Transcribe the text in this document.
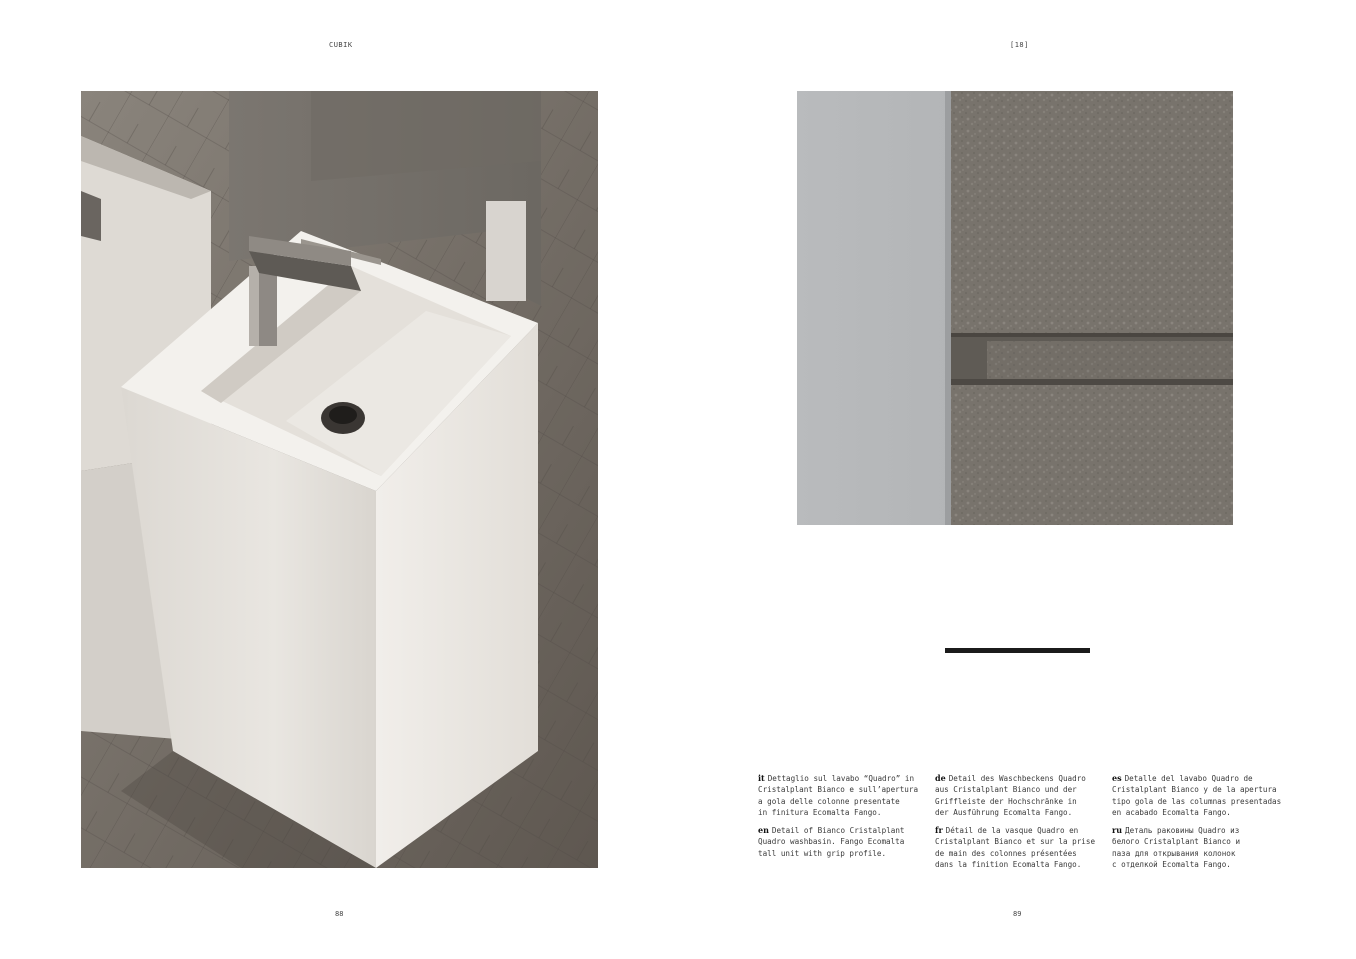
CUBIK	[18]

it Dettaglio sul lavabo “Quadro” in
Cristalplant Bianco e sull’apertura
a gola delle colonne presentate
in finitura Ecomalta Fango.

en Detail of Bianco Cristalplant
Quadro washbasin. Fango Ecomalta
tall unit with grip profile.

de Detail des Waschbeckens Quadro
aus Cristalplant Bianco und der
Griffleiste der Hochschränke in
der Ausführung Ecomalta Fango.

fr Détail de la vasque Quadro en
Cristalplant Bianco et sur la prise
de main des colonnes présentées
dans la finition Ecomalta Fango.

es Detalle del lavabo Quadro de
Cristalplant Bianco y de la apertura
tipo gola de las columnas presentadas
en acabado Ecomalta Fango.

ru Деталь раковины Quadro из
белого Cristalplant Bianco и
паза для открывания колонок
с отделкой Ecomalta Fango.

88	89
